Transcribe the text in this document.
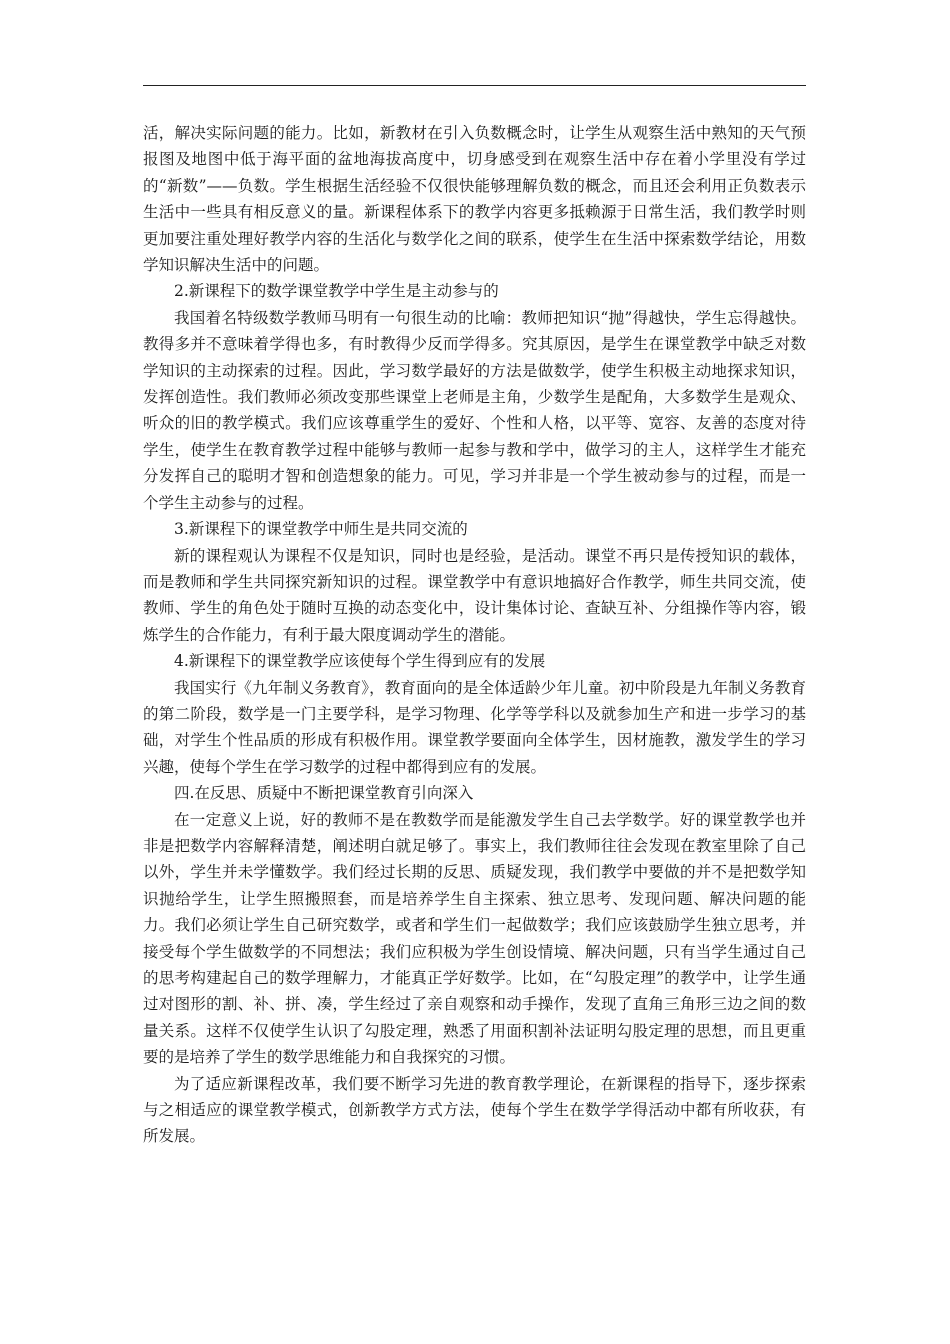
活，解决实际问题的能力。比如，新教材在引入负数概念时，让学生从观察生活中熟知的天气预报图及地图中低于海平面的盆地海拔高度中，切身感受到在观察生活中存在着小学里没有学过的“新数”——负数。学生根据生活经验不仅很快能够理解负数的概念，而且还会利用正负数表示生活中一些具有相反意义的量。新课程体系下的教学内容更多抵赖源于日常生活，我们教学时则更加要注重处理好教学内容的生活化与数学化之间的联系，使学生在生活中探索数学结论，用数学知识解决生活中的问题。

2.新课程下的数学课堂教学中学生是主动参与的

我国着名特级数学教师马明有一句很生动的比喻：教师把知识“抛”得越快，学生忘得越快。教得多并不意味着学得也多，有时教得少反而学得多。究其原因，是学生在课堂教学中缺乏对数学知识的主动探索的过程。因此，学习数学最好的方法是做数学，使学生积极主动地探求知识，发挥创造性。我们教师必须改变那些课堂上老师是主角，少数学生是配角，大多数学生是观众、听众的旧的教学模式。我们应该尊重学生的爱好、个性和人格，以平等、宽容、友善的态度对待学生，使学生在教育教学过程中能够与教师一起参与教和学中，做学习的主人，这样学生才能充分发挥自己的聪明才智和创造想象的能力。可见，学习并非是一个学生被动参与的过程，而是一个学生主动参与的过程。

3.新课程下的课堂教学中师生是共同交流的

新的课程观认为课程不仅是知识，同时也是经验，是活动。课堂不再只是传授知识的载体，而是教师和学生共同探究新知识的过程。课堂教学中有意识地搞好合作教学，师生共同交流，使教师、学生的角色处于随时互换的动态变化中，设计集体讨论、查缺互补、分组操作等内容，锻炼学生的合作能力，有利于最大限度调动学生的潜能。

4.新课程下的课堂教学应该使每个学生得到应有的发展

我国实行《九年制义务教育》，教育面向的是全体适龄少年儿童。初中阶段是九年制义务教育的第二阶段，数学是一门主要学科，是学习物理、化学等学科以及就参加生产和进一步学习的基础，对学生个性品质的形成有积极作用。课堂教学要面向全体学生，因材施教，激发学生的学习兴趣，使每个学生在学习数学的过程中都得到应有的发展。

四.在反思、质疑中不断把课堂教育引向深入

在一定意义上说，好的教师不是在教数学而是能激发学生自己去学数学。好的课堂教学也并非是把数学内容解释清楚，阐述明白就足够了。事实上，我们教师往往会发现在教室里除了自己以外，学生并未学懂数学。我们经过长期的反思、质疑发现，我们教学中要做的并不是把数学知识抛给学生，让学生照搬照套，而是培养学生自主探索、独立思考、发现问题、解决问题的能力。我们必须让学生自己研究数学，或者和学生们一起做数学；我们应该鼓励学生独立思考，并接受每个学生做数学的不同想法；我们应积极为学生创设情境、解决问题，只有当学生通过自己的思考构建起自己的数学理解力，才能真正学好数学。比如，在“勾股定理”的教学中，让学生通过对图形的割、补、拼、凑，学生经过了亲自观察和动手操作，发现了直角三角形三边之间的数量关系。这样不仅使学生认识了勾股定理，熟悉了用面积割补法证明勾股定理的思想，而且更重要的是培养了学生的数学思维能力和自我探究的习惯。

为了适应新课程改革，我们要不断学习先进的教育教学理论，在新课程的指导下，逐步探索与之相适应的课堂教学模式，创新教学方式方法，使每个学生在数学学得活动中都有所收获，有所发展。
